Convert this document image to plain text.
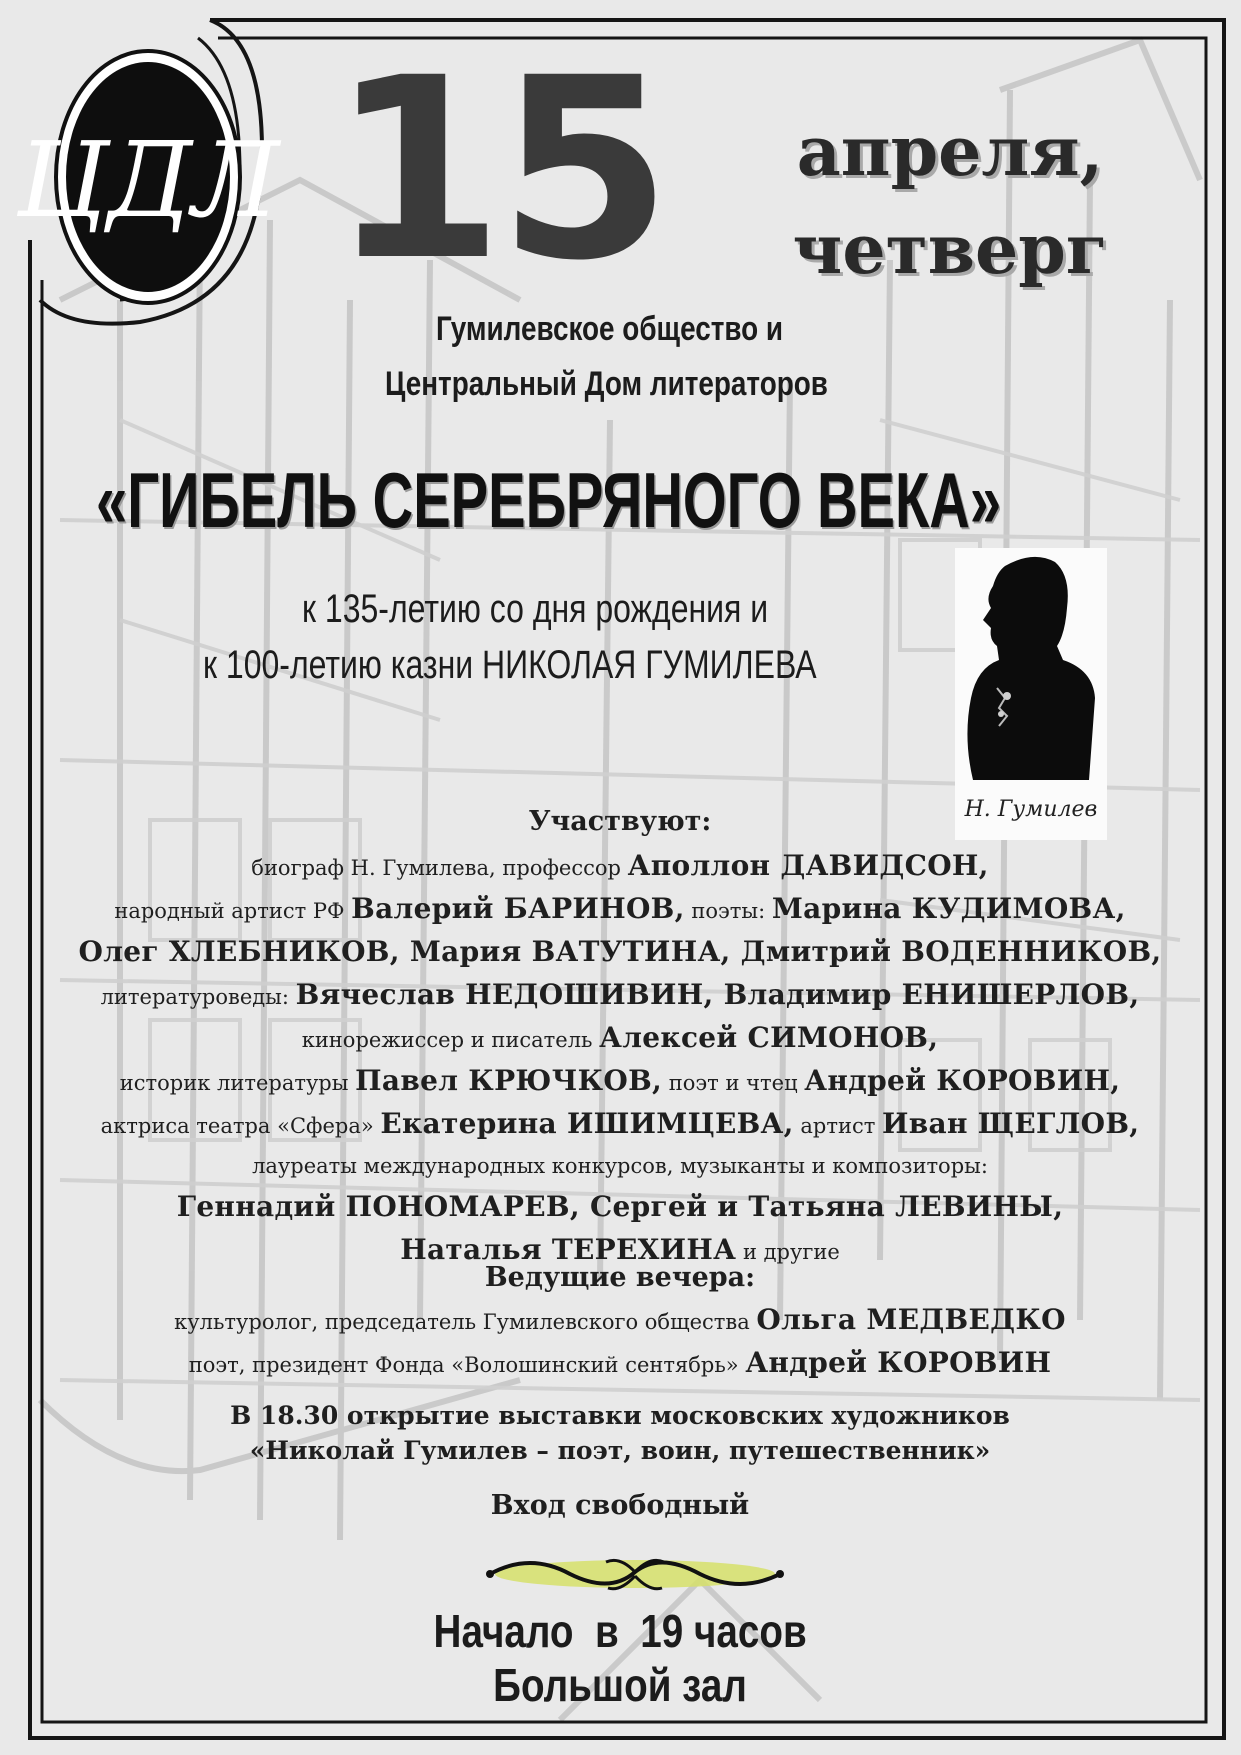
ЦДЛ 15	апреля,
четверг
Гумилевское общество и
Центральный Дом литераторов
«ГИБЕЛЬ СЕРЕБРЯНОГО ВЕКА»
к 135-летию со дня рождения и
к 100-летию казни НИКОЛАЯ ГУМИЛЕВА
Н. Гумилев
Участвуют:
биограф Н. Гумилева, профессор Аполлон ДАВИДСОН,
народный артист РФ Валерий БАРИНОВ, поэты: Марина КУДИМОВА,
Олег ХЛЕБНИКОВ, Мария ВАТУТИНА, Дмитрий ВОДЕННИКОВ,
литературоведы: Вячеслав НЕДОШИВИН, Владимир ЕНИШЕРЛОВ,
кинорежиссер и писатель Алексей СИМОНОВ,
историк литературы Павел КРЮЧКОВ, поэт и чтец Андрей КОРОВИН,
актриса театра «Сфера» Екатерина ИШИМЦЕВА, артист Иван ЩЕГЛОВ,
лауреаты международных конкурсов, музыканты и композиторы:
Геннадий ПОНОМАРЕВ, Сергей и Татьяна ЛЕВИНЫ,
Наталья ТЕРЕХИНА и другие
Ведущие вечера:
культуролог, председатель Гумилевского общества Ольга МЕДВЕДКО
поэт, президент Фонда «Волошинский сентябрь» Андрей КОРОВИН
В 18.30 открытие выставки московских художников
«Николай Гумилев – поэт, воин, путешественник»
Вход свободный
Начало  в  19 часов
Большой зал
